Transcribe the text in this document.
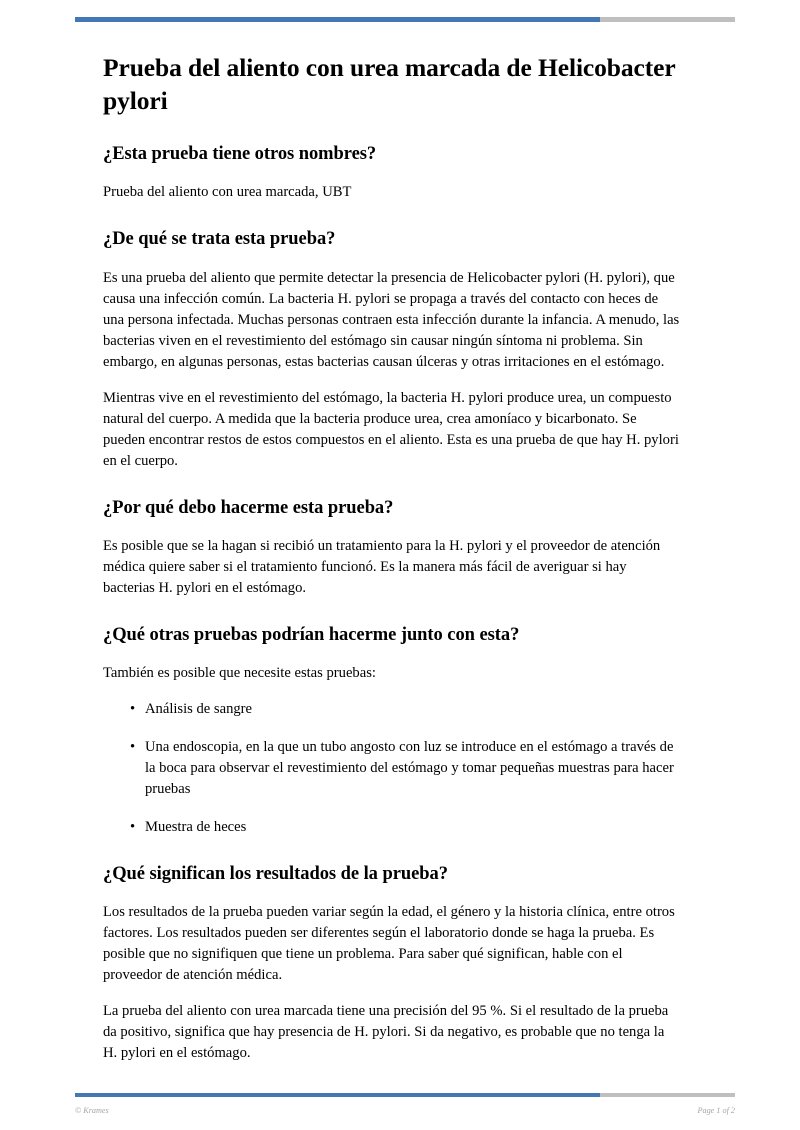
Prueba del aliento con urea marcada de Helicobacter pylori
¿Esta prueba tiene otros nombres?

Prueba del aliento con urea marcada, UBT

¿De qué se trata esta prueba?

Es una prueba del aliento que permite detectar la presencia de Helicobacter pylori (H. pylori), que causa una infección común. La bacteria H. pylori se propaga a través del contacto con heces de una persona infectada. Muchas personas contraen esta infección durante la infancia. A menudo, las bacterias viven en el revestimiento del estómago sin causar ningún síntoma ni problema. Sin embargo, en algunas personas, estas bacterias causan úlceras y otras irritaciones en el estómago.

Mientras vive en el revestimiento del estómago, la bacteria H. pylori produce urea, un compuesto natural del cuerpo. A medida que la bacteria produce urea, crea amoníaco y bicarbonato. Se pueden encontrar restos de estos compuestos en el aliento. Esta es una prueba de que hay H. pylori en el cuerpo.

¿Por qué debo hacerme esta prueba?

Es posible que se la hagan si recibió un tratamiento para la H. pylori y el proveedor de atención médica quiere saber si el tratamiento funcionó. Es la manera más fácil de averiguar si hay bacterias H. pylori en el estómago.

¿Qué otras pruebas podrían hacerme junto con esta?

También es posible que necesite estas pruebas:

• Análisis de sangre
• Una endoscopia, en la que un tubo angosto con luz se introduce en el estómago a través de la boca para observar el revestimiento del estómago y tomar pequeñas muestras para hacer pruebas
• Muestra de heces
¿Qué significan los resultados de la prueba?

Los resultados de la prueba pueden variar según la edad, el género y la historia clínica, entre otros factores. Los resultados pueden ser diferentes según el laboratorio donde se haga la prueba. Es posible que no signifiquen que tiene un problema. Para saber qué significan, hable con el proveedor de atención médica.

La prueba del aliento con urea marcada tiene una precisión del 95 %. Si el resultado de la prueba da positivo, significa que hay presencia de H. pylori. Si da negativo, es probable que no tenga la H. pylori en el estómago.

© Krames	Page 1 of 2
